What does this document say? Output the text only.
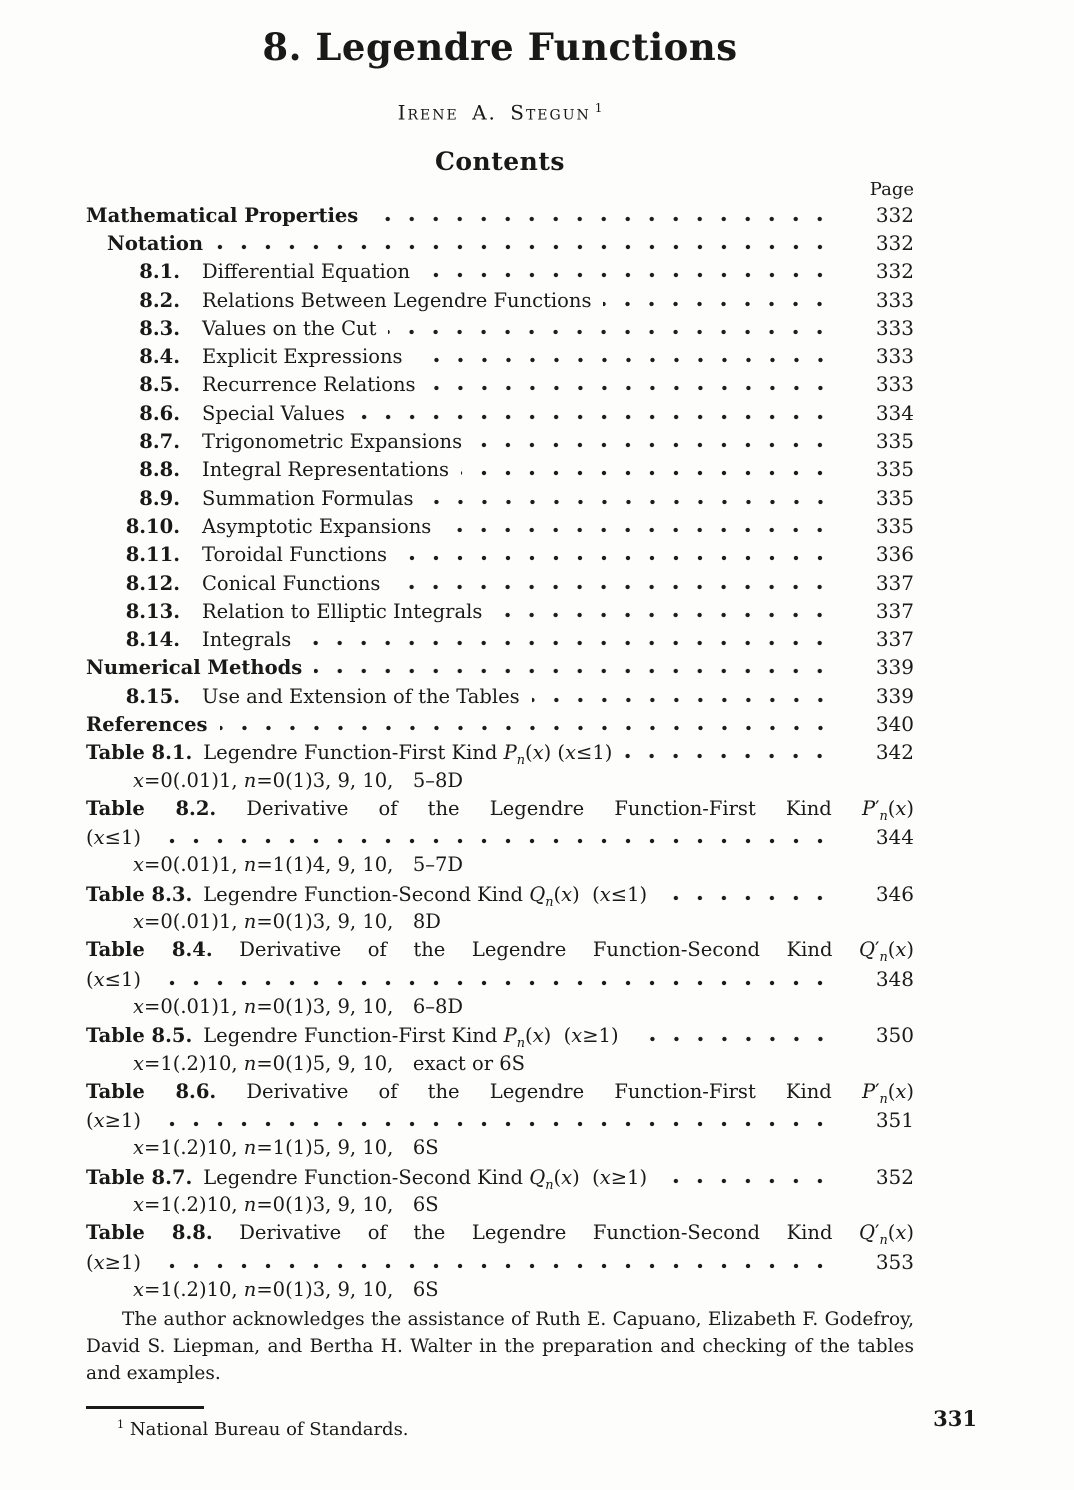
8. Legendre Functions
Irene A. Stegun $^1$
Contents
Page
Mathematical Properties	332
Notation	332
8.1. Differential Equation	332
8.2. Relations Between Legendre Functions	333
8.3. Values on the Cut	333
8.4. Explicit Expressions	333
8.5. Recurrence Relations	333
8.6. Special Values	334
8.7. Trigonometric Expansions	335
8.8. Integral Representations	335
8.9. Summation Formulas	335
8.10. Asymptotic Expansions	335
8.11. Toroidal Functions	336
8.12. Conical Functions	337
8.13. Relation to Elliptic Integrals	337
8.14. Integrals	337
Numerical Methods	339
8.15. Use and Extension of the Tables	339
References	340
Table 8.1. Legendre Function-First Kind $P_n(x)$ (x≤1)	342
x=0(.01)1, n=0(1)3, 9, 10,  5–8D
Table 8.2. Derivative of the Legendre Function-First Kind $P'_n(x)$
(x≤1)	344
x=0(.01)1, n=1(1)4, 9, 10,  5–7D
Table 8.3. Legendre Function-Second Kind $Q_n(x)$  (x≤1)	346
x=0(.01)1, n=0(1)3, 9, 10,  8D
Table 8.4. Derivative of the Legendre Function-Second Kind $Q'_n(x)$
(x≤1)	348
x=0(.01)1, n=0(1)3, 9, 10,  6–8D
Table 8.5. Legendre Function-First Kind $P_n(x)$  (x≥1)	350
x=1(.2)10, n=0(1)5, 9, 10,  exact or 6S
Table 8.6. Derivative of the Legendre Function-First Kind $P'_n(x)$
(x≥1)	351
x=1(.2)10, n=1(1)5, 9, 10,  6S
Table 8.7. Legendre Function-Second Kind $Q_n(x)$  (x≥1)	352
x=1(.2)10, n=0(1)3, 9, 10,  6S
Table 8.8. Derivative of the Legendre Function-Second Kind $Q'_n(x)$
(x≥1)	353
x=1(.2)10, n=0(1)3, 9, 10,  6S

The author acknowledges the assistance of Ruth E. Capuano, Elizabeth F. Godefroy, David S. Liepman, and Bertha H. Walter in the preparation and checking of the tables and examples.

$^1$ National Bureau of Standards.	331
